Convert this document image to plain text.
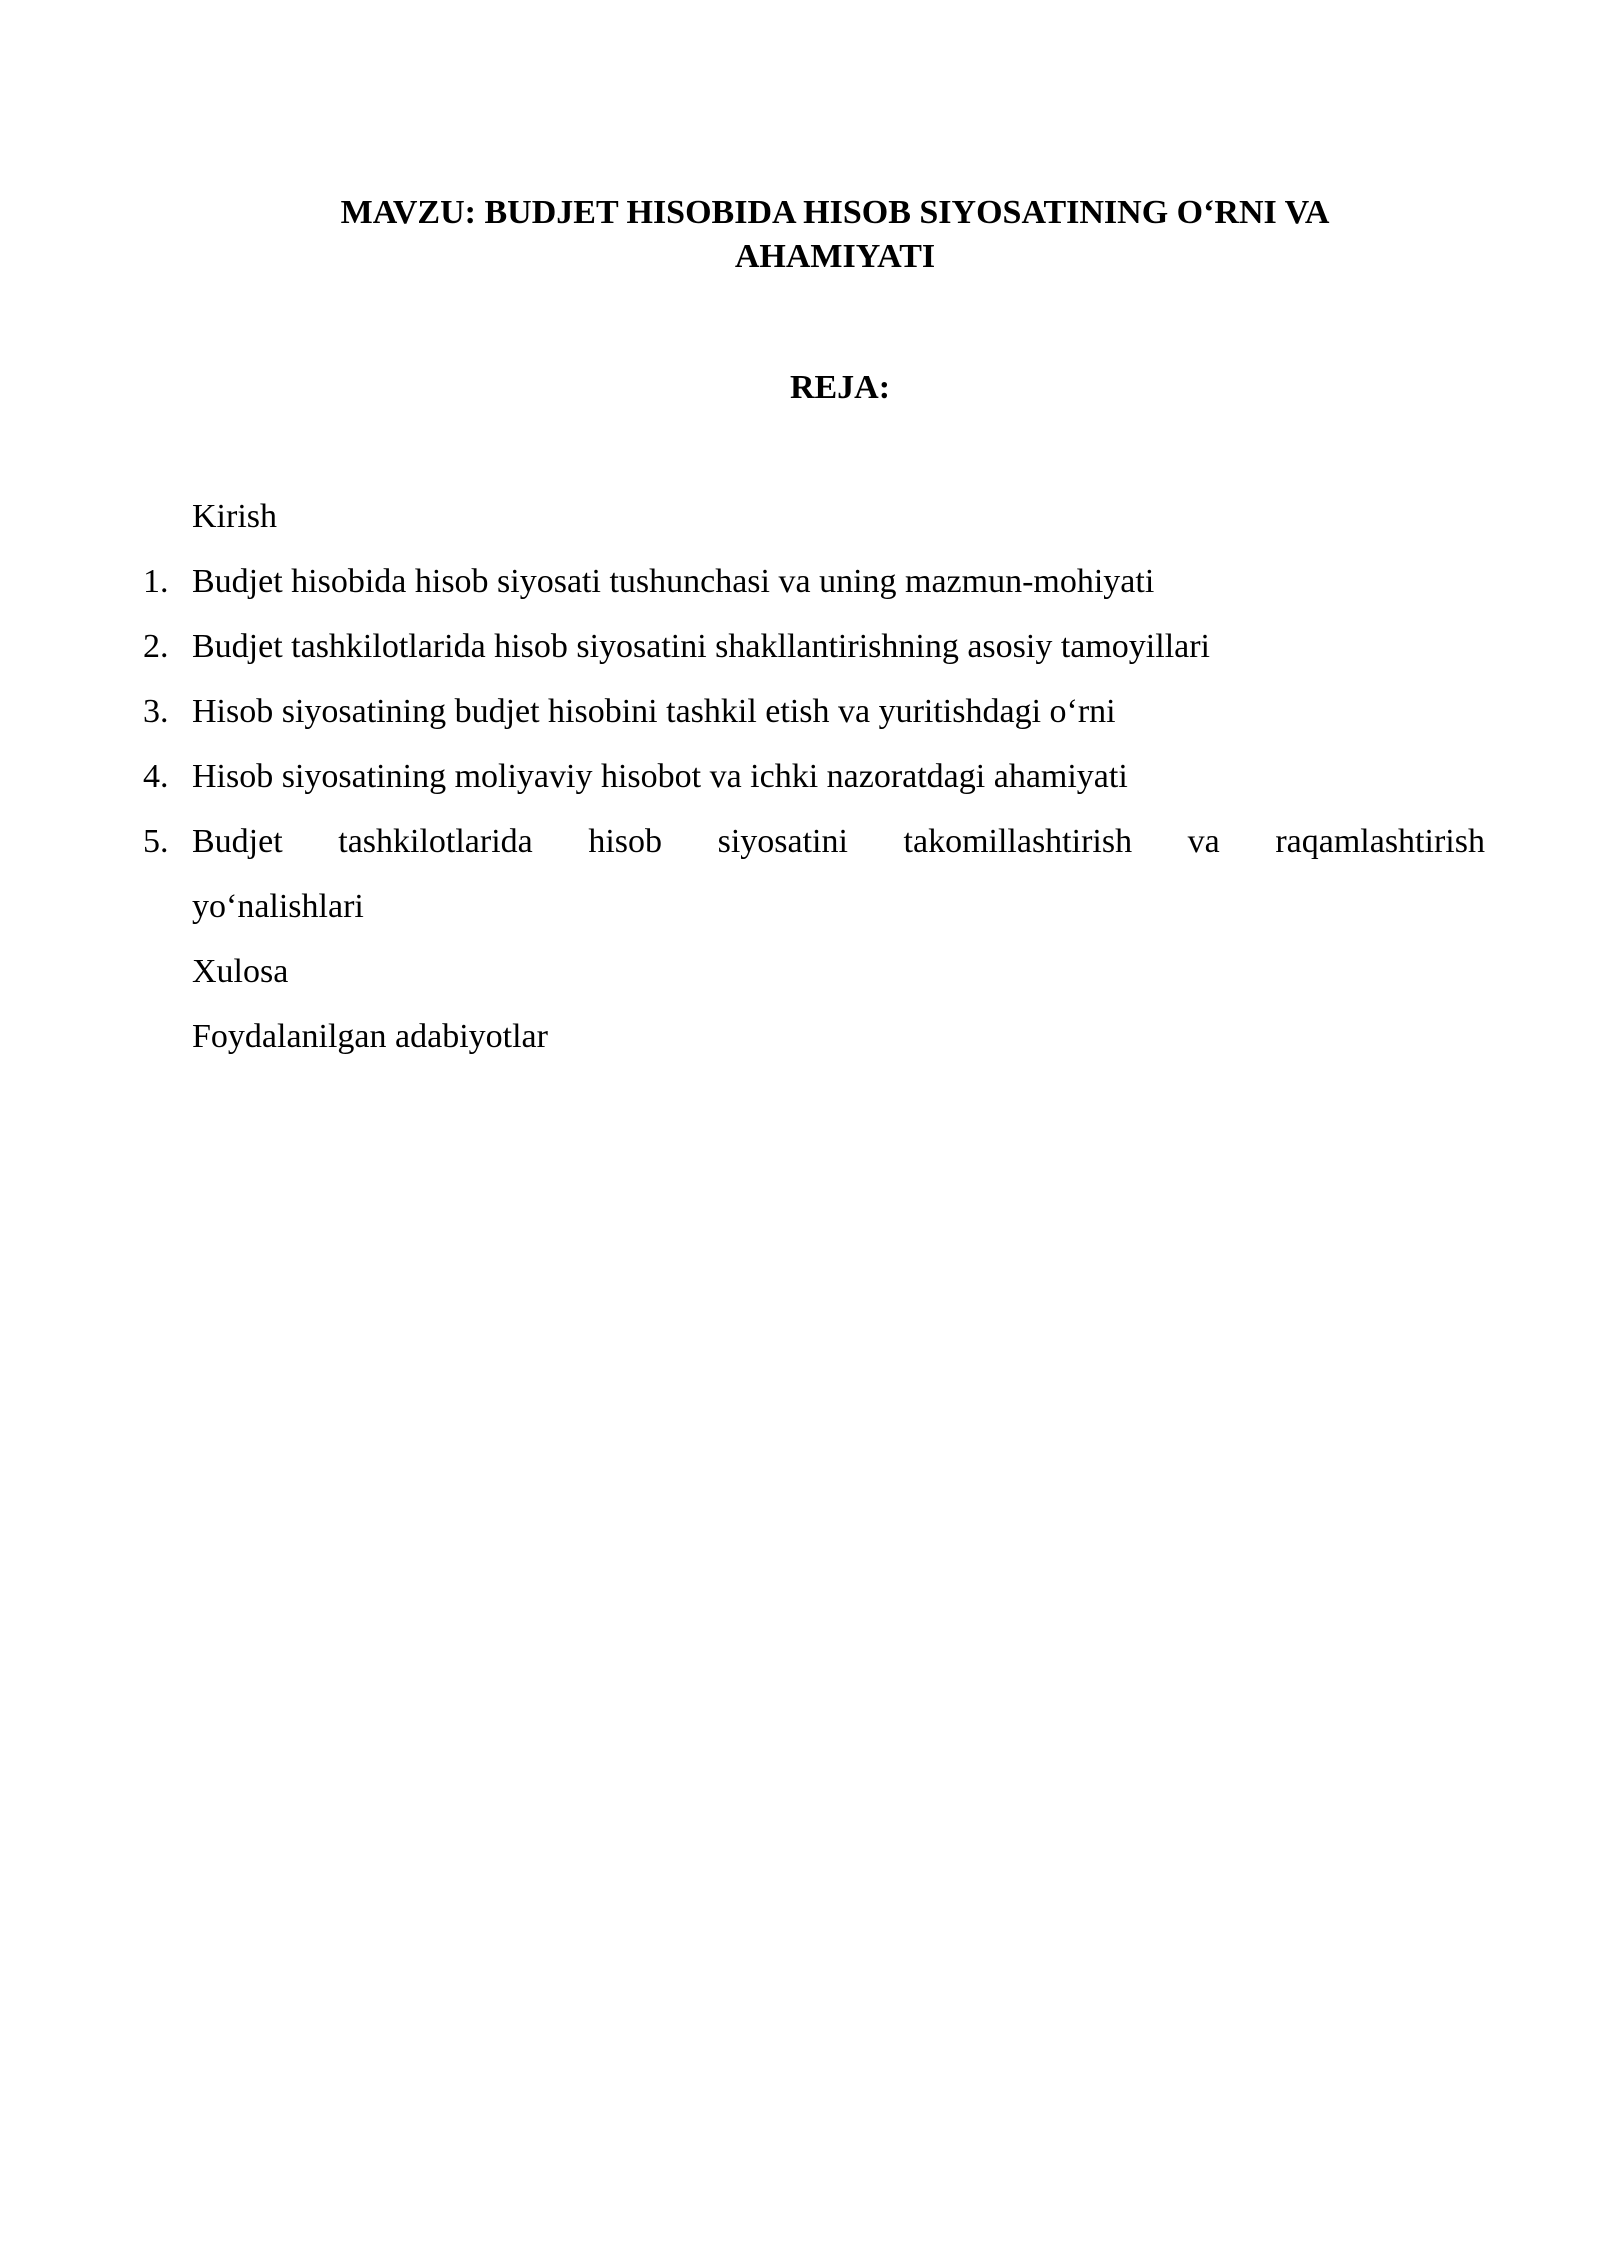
MAVZU: BUDJET HISOBIDA HISOB SIYOSATINING O‘RNI VA
AHAMIYATI
REJA:
Kirish
1. Budjet hisobida hisob siyosati tushunchasi va uning mazmun-mohiyati
2. Budjet tashkilotlarida hisob siyosatini shakllantirishning asosiy tamoyillari
3. Hisob siyosatining budjet hisobini tashkil etish va yuritishdagi o‘rni
4. Hisob siyosatining moliyaviy hisobot va ichki nazoratdagi ahamiyati
5. Budjet tashkilotlarida hisob siyosatini takomillashtirish va raqamlashtirish
yo‘nalishlari
Xulosa
Foydalanilgan adabiyotlar
